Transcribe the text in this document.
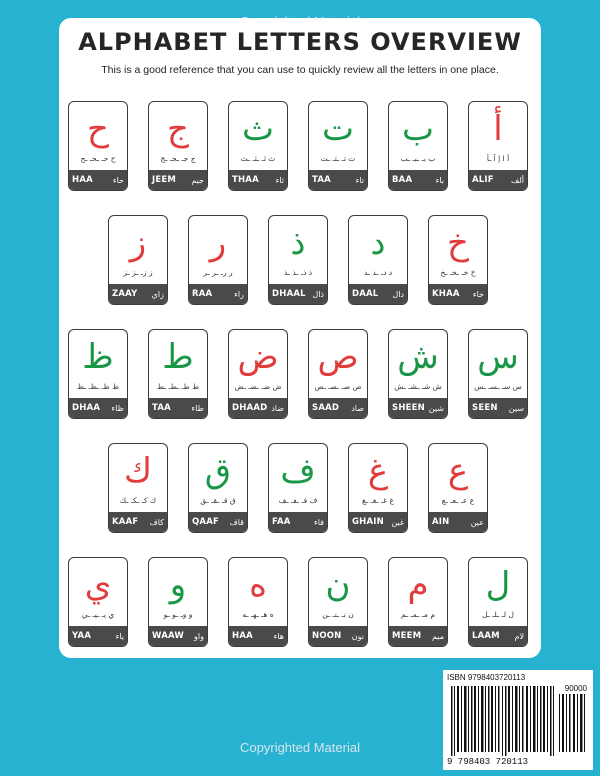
ALPHABET LETTERS OVERVIEW
This is a good reference that you can use to quickly review all the letters in one place.
ح
ح حـ ـحـ ـح
HAA حاء
ج
ج جـ ـجـ ـج
JEEM جيم
ث
ث ثـ ـثـ ـث
THAA ثاء
ت
ت تـ ـتـ ـت
TAA	تاء
ب
ب بـ ـبـ ـب
BAA	باء
أ
أ ا إ آ ـأ
ALIF ألف
ز
ز زـ ـز ـز
ZAAY زاي
ر
ر رـ ـر ـر
RAA	راء
ذ
ذ ذـ ـذ ـذ
DHAAL ذال
د
د دـ ـد ـد
DAAL دال
خ
خ خـ ـخـ ـخ
KHAA خاء
ظ
ظ ظـ ـظـ ـظ
DHAA ظاء
ط
ط طـ ـطـ ـط
TAA	طاء
ض
ض ضـ ـضـ ـض
DHAAD ضاد
ص
ص صـ ـصـ ـص
SAAD صاد
ش
ش شـ ـشـ ـش
SHEEN شين
س
س سـ ـسـ ـس
SEEN سين
ك
ك كـ ـكـ ـك
KAAF كاف
ق
ق قـ ـقـ ـق
QAAF قاف
ف
ف فـ ـفـ ـف
FAA	فاء
غ
غ غـ ـغـ ـغ
GHAIN غين
ع
ع عـ ـعـ ـع
AIN	عين
ي
ي يـ ـيـ ـي
YAA	ياء
و
و وـ ـو ـو
WAAW واو
ه
ه هـ ـهـ ـه
HAA	هاء
ن
ن نـ ـنـ ـن
NOON نون
م
م مـ ـمـ ـم
MEEM ميم
ل
ل لـ ـلـ ـل
LAAM لام
ISBN 9798403720113
90000
9 798403 720113
Copyrighted Material
